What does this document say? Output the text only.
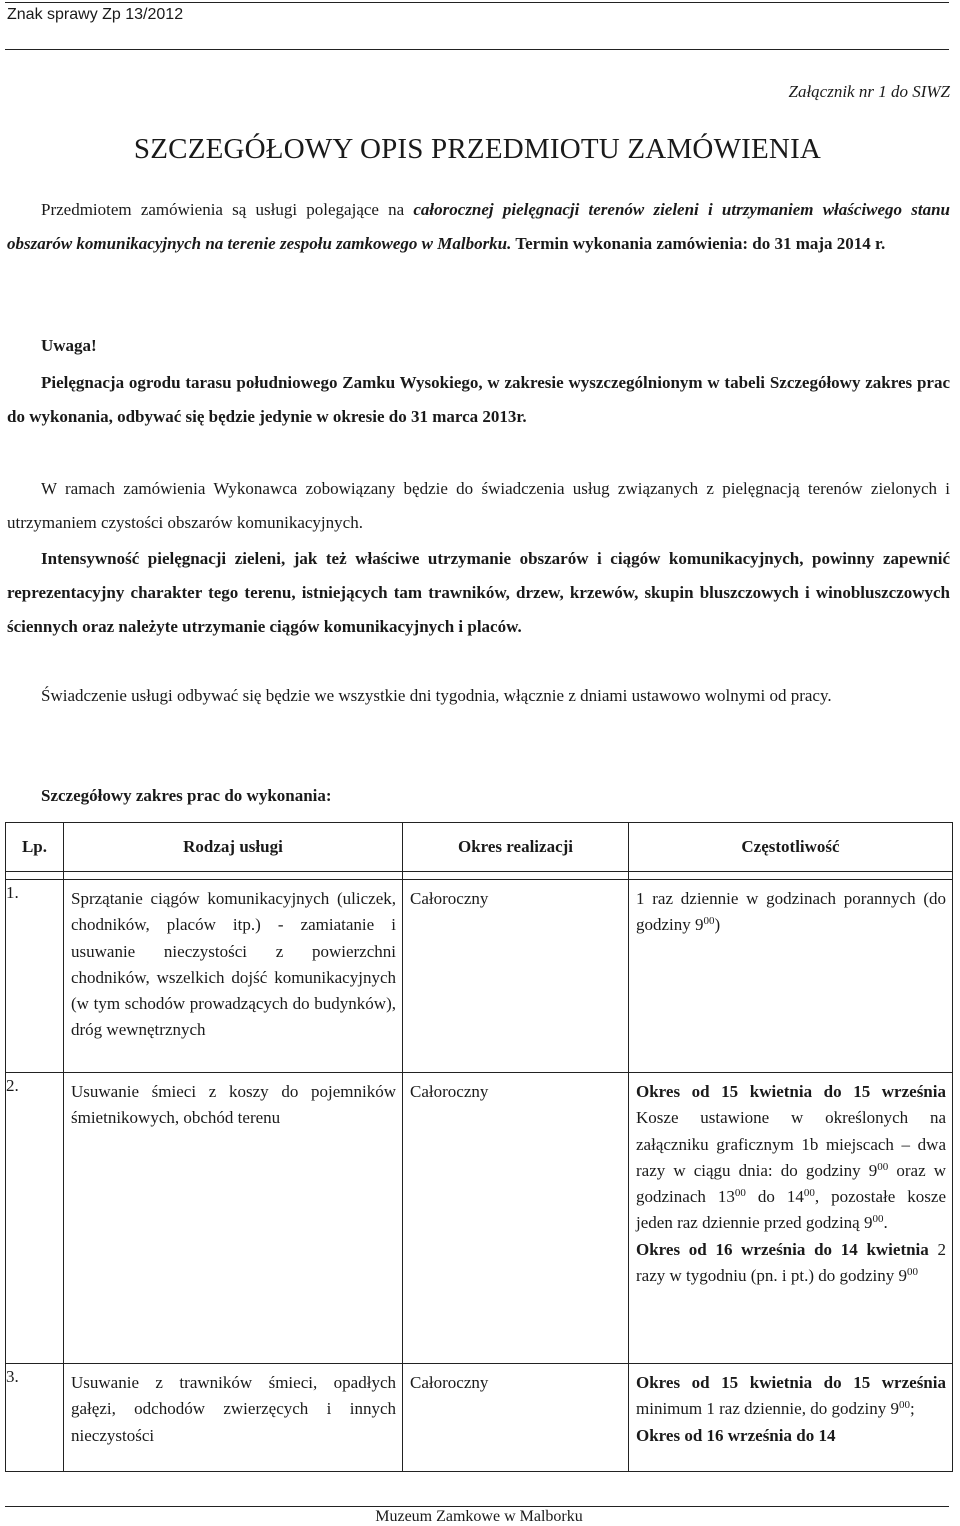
Znak sprawy Zp 13/2012
Załącznik nr 1 do SIWZ
SZCZEGÓŁOWY OPIS PRZEDMIOTU ZAMÓWIENIA
Przedmiotem zamówienia są usługi polegające na całorocznej pielęgnacji terenów zieleni i utrzymaniem właściwego stanu obszarów komunikacyjnych na terenie zespołu zamkowego w Malborku. Termin wykonania zamówienia: do 31 maja 2014 r.
Uwaga!
Pielęgnacja ogrodu tarasu południowego Zamku Wysokiego, w zakresie wyszczególnionym w tabeli Szczegółowy zakres prac do wykonania, odbywać się będzie jedynie w okresie do 31 marca 2013r.
W ramach zamówienia Wykonawca zobowiązany będzie do świadczenia usług związanych z pielęgnacją terenów zielonych i utrzymaniem czystości obszarów komunikacyjnych.
Intensywność pielęgnacji zieleni, jak też właściwe utrzymanie obszarów i ciągów komunikacyjnych, powinny zapewnić reprezentacyjny charakter tego terenu, istniejących tam trawników, drzew, krzewów, skupin bluszczowych i winobluszczowych ściennych oraz należyte utrzymanie ciągów komunikacyjnych i placów.
Świadczenie usługi odbywać się będzie we wszystkie dni tygodnia, włącznie z dniami ustawowo wolnymi od pracy.
Szczegółowy zakres prac do wykonania:
Lp.	Rodzaj usługi	Okres realizacji	Częstotliwość

1.	Sprzątanie ciągów komunikacyjnych (uliczek, chodników, placów itp.) - zamiatanie i usuwanie nieczystości z powierzchni chodników, wszelkich dojść komunikacyjnych (w tym schodów prowadzących do budynków), dróg wewnętrznych	Całoroczny	1 raz dziennie w godzinach porannych (do godziny $9^{00}$)

2.	Usuwanie śmieci z koszy do pojemników śmietnikowych, obchód terenu	Całoroczny	Okres od 15 kwietnia do 15 września Kosze ustawione w określonych na załączniku graficznym 1b miejscach – dwa razy w ciągu dnia: do godziny $9^{00}$ oraz w godzinach $13^{00}$ do $14^{00}$, pozostałe kosze jeden raz dziennie przed godziną $9^{00}$.
Okres od 16 września do 14 kwietnia 2 razy w tygodniu (pn. i pt.) do godziny $9^{00}$

3.	Usuwanie z trawników śmieci, opadłych gałęzi, odchodów zwierzęcych i innych nieczystości	Całoroczny	Okres od 15 kwietnia do 15 września minimum 1 raz dziennie, do godziny $9^{00}$;
Okres od 16 września do 14
Muzeum Zamkowe w Malborku
